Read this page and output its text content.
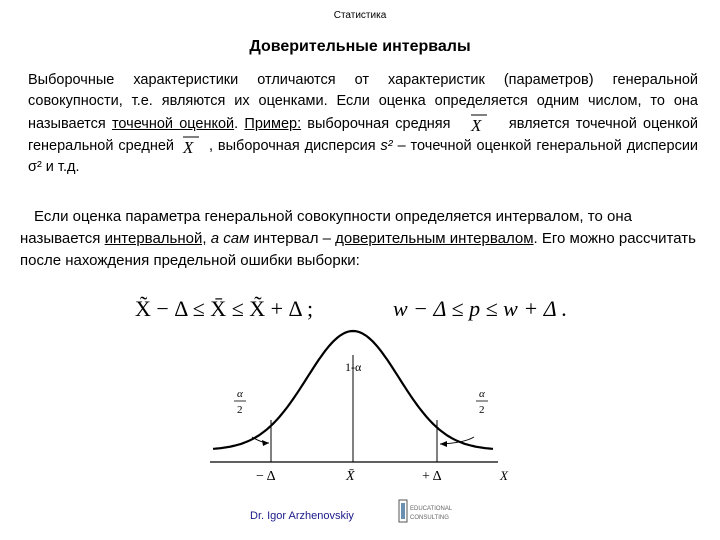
Статистика
Доверительные интервалы
Выборочные характеристики отличаются от характеристик (параметров) генеральной совокупности, т.е. являются их оценками. Если оценка определяется одним числом, то она называется точечной оценкой. Пример: выборочная средняя X является точечной оценкой генеральной средней X , выборочная дисперсия s² – точечной оценкой генеральной дисперсии σ² и т.д.
Если оценка параметра генеральной совокупности определяется интервалом, то она называется интервальной, а сам интервал – доверительным интервалом. Его можно рассчитать после нахождения предельной ошибки выборки:
X̃ − Δ ≤ X̄ ≤ X̃ + Δ ;	w − Δ ≤ p ≤ w + Δ .
1-α
α
2
α
2
− Δ	X̄	+ Δ	X
Dr. Igor Arzhenovskiy
EDUCATIONAL
CONSULTING
